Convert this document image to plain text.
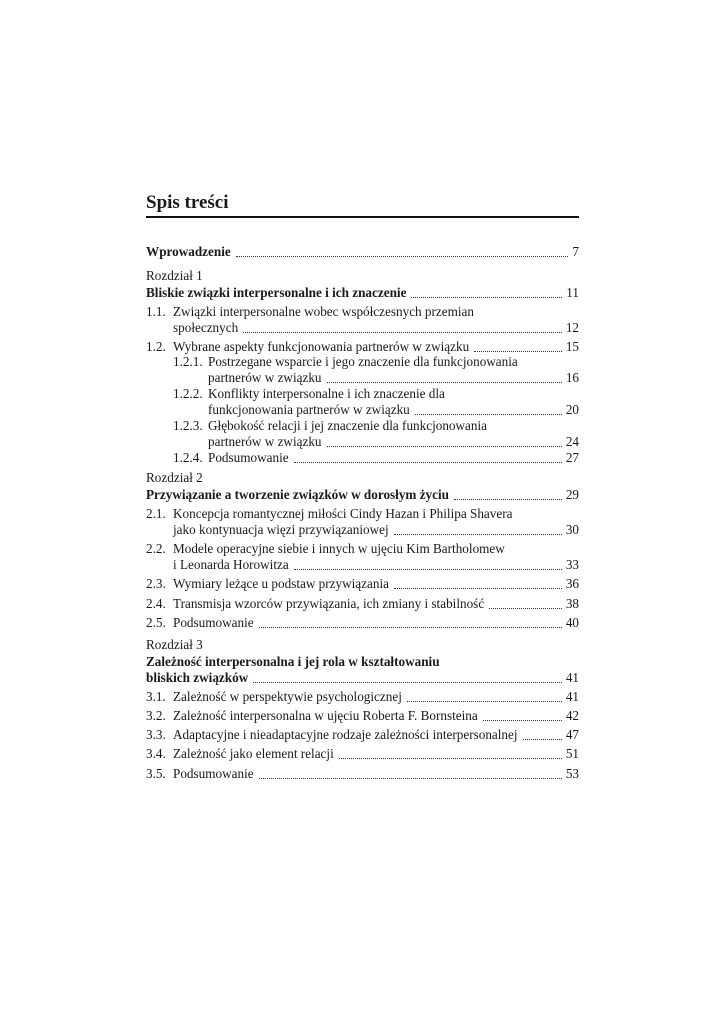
Spis treści
Wprowadzenie	7
Rozdział 1
Bliskie związki interpersonalne i ich znaczenie	11
1.1. Związki interpersonalne wobec współczesnych przemian
społecznych	12
1.2. Wybrane aspekty funkcjonowania partnerów w związku	15
1.2.1. Postrzegane wsparcie i jego znaczenie dla funkcjonowania
partnerów w związku	16
1.2.2. Konflikty interpersonalne i ich znaczenie dla
funkcjonowania partnerów w związku	20
1.2.3. Głębokość relacji i jej znaczenie dla funkcjonowania
partnerów w związku	24
1.2.4. Podsumowanie	27
Rozdział 2
Przywiązanie a tworzenie związków w dorosłym życiu	29
2.1. Koncepcja romantycznej miłości Cindy Hazan i Philipa Shavera
jako kontynuacja więzi przywiązaniowej	30
2.2. Modele operacyjne siebie i innych w ujęciu Kim Bartholomew
i Leonarda Horowitza	33
2.3. Wymiary leżące u podstaw przywiązania	36
2.4. Transmisja wzorców przywiązania, ich zmiany i stabilność	38
2.5. Podsumowanie	40
Rozdział 3
Zależność interpersonalna i jej rola w kształtowaniu
bliskich związków	41
3.1. Zależność w perspektywie psychologicznej	41
3.2. Zależność interpersonalna w ujęciu Roberta F. Bornsteina	42
3.3. Adaptacyjne i nieadaptacyjne rodzaje zależności interpersonalnej	47
3.4. Zależność jako element relacji	51
3.5. Podsumowanie	53
